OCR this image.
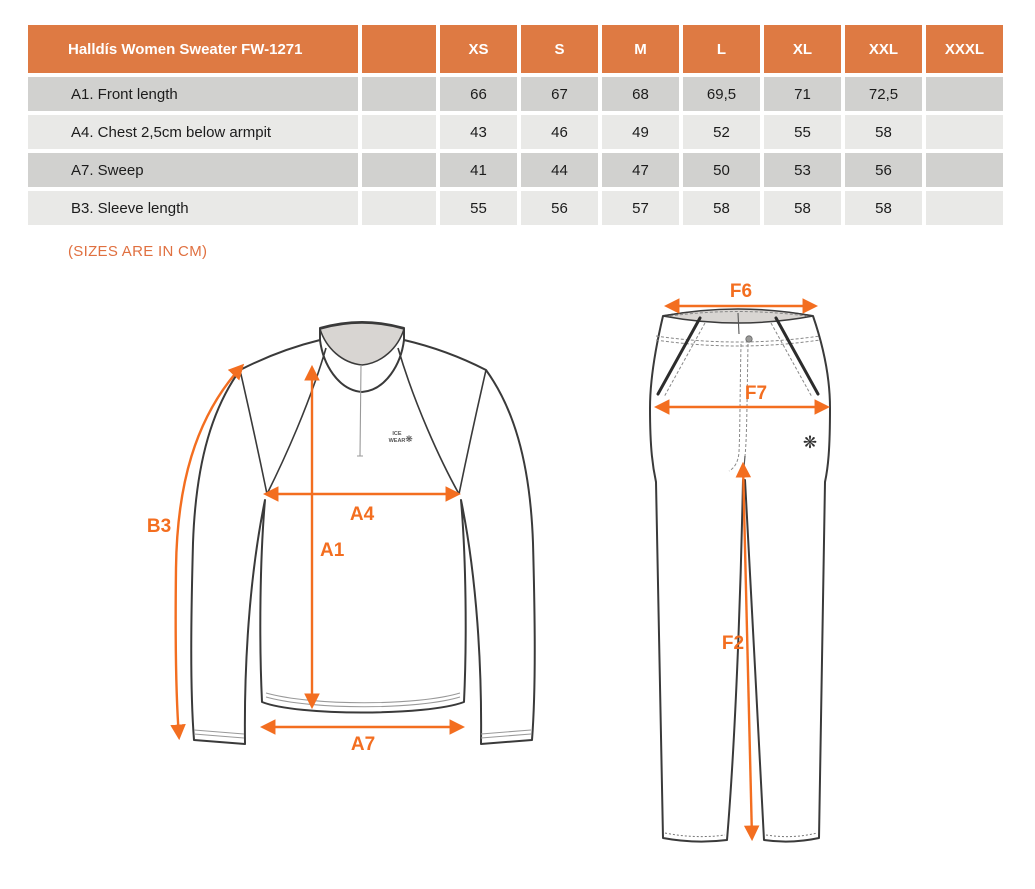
Halldís Women Sweater FW-1271		XS	S	M	L	XL	XXL	XXXL
A1. Front length		66	67	68	69,5	71	72,5	
A4. Chest 2,5cm below armpit		43	46	49	52	55	58	
A7. Sweep		41	44	47	50	53	56	
B3. Sleeve length		55	56	57	58	58	58	
(SIZES ARE IN CM)
ICE
WEAR ❋
B3
A4
A1
A7
❋
F6
F7
F2
